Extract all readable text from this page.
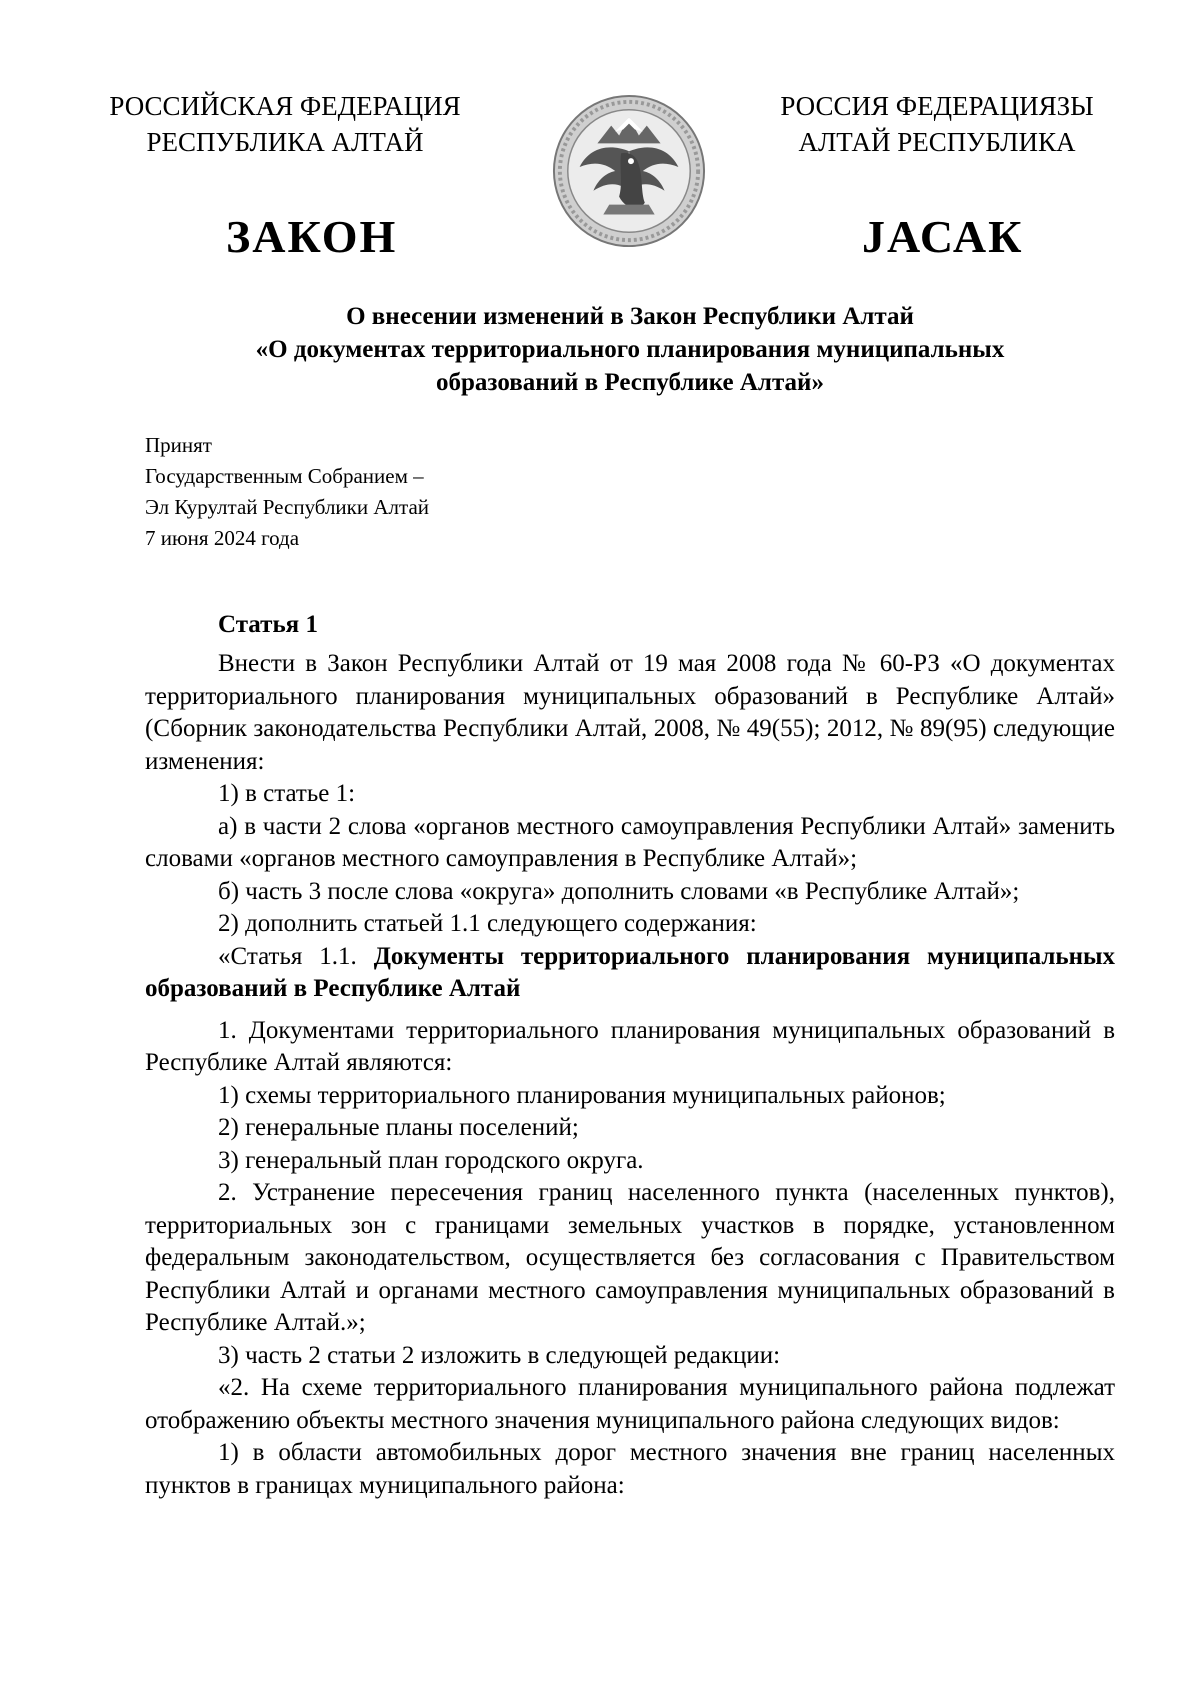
РОССИЙСКАЯ ФЕДЕРАЦИЯ
РЕСПУБЛИКА АЛТАЙ
РОССИЯ ФЕДЕРАЦИЯЗЫ
АЛТАЙ РЕСПУБЛИКА
ЗАКОН	JАСАК
О внесении изменений в Закон Республики Алтай
«О документах территориального планирования муниципальных
образований в Республике Алтай»
Принят
Государственным Собранием –
Эл Курултай Республики Алтай
7 июня 2024 года
Статья 1

Внести в Закон Республики Алтай от 19 мая 2008 года № 60-РЗ «О документах территориального планирования муниципальных образований в Республике Алтай» (Сборник законодательства Республики Алтай, 2008, № 49(55); 2012, № 89(95) следующие изменения:

1) в статье 1:

а) в части 2 слова «органов местного самоуправления Республики Алтай» заменить словами «органов местного самоуправления в Республике Алтай»;

б) часть 3 после слова «округа» дополнить словами «в Республике Алтай»;

2) дополнить статьей 1.1 следующего содержания:

«Статья 1.1. Документы территориального планирования муниципальных образований в Республике Алтай

1. Документами территориального планирования муниципальных образований в Республике Алтай являются:

1) схемы территориального планирования муниципальных районов;

2) генеральные планы поселений;

3) генеральный план городского округа.

2. Устранение пересечения границ населенного пункта (населенных пунктов), территориальных зон с границами земельных участков в порядке, установленном федеральным законодательством, осуществляется без согласования с Правительством Республики Алтай и органами местного самоуправления муниципальных образований в Республике Алтай.»;

3) часть 2 статьи 2 изложить в следующей редакции:

«2. На схеме территориального планирования муниципального района подлежат отображению объекты местного значения муниципального района следующих видов:

1) в области автомобильных дорог местного значения вне границ населенных пунктов в границах муниципального района:
